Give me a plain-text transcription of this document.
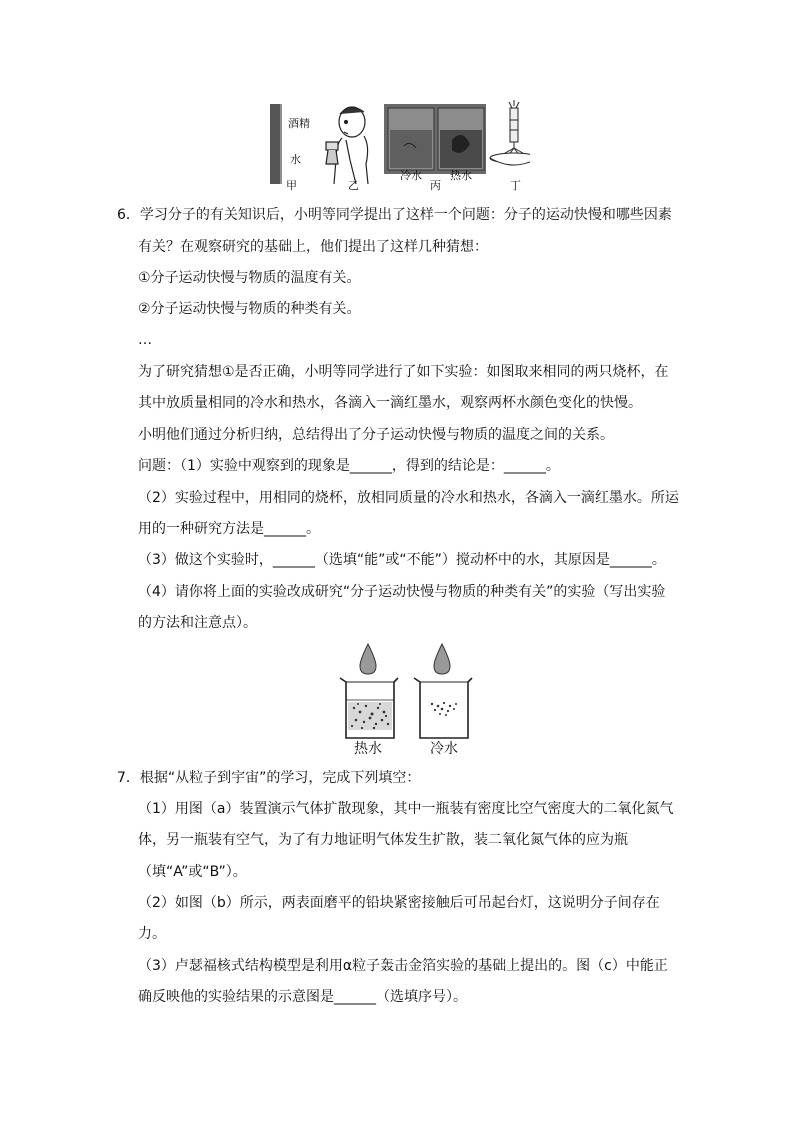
酒精
水
甲	乙
冷水
丙
热水
丁
6．学习分子的有关知识后，小明等同学提出了这样一个问题：分子的运动快慢和哪些因素
有关？在观察研究的基础上，他们提出了这样几种猜想：
①分子运动快慢与物质的温度有关。
②分子运动快慢与物质的种类有关。
…
为了研究猜想①是否正确，小明等同学进行了如下实验：如图取来相同的两只烧杯，在
其中放质量相同的冷水和热水，各滴入一滴红墨水，观察两杯水颜色变化的快慢。
小明他们通过分析归纳，总结得出了分子运动快慢与物质的温度之间的关系。
问题：（1）实验中观察到的现象是______，得到的结论是：______。
（2）实验过程中，用相同的烧杯，放相同质量的冷水和热水，各滴入一滴红墨水。所运
用的一种研究方法是______。
（3）做这个实验时，______（选填“能”或“不能”）搅动杯中的水，其原因是______。
（4）请你将上面的实验改成研究“分子运动快慢与物质的种类有关”的实验（写出实验
的方法和注意点）。
热水	冷水
7．根据“从粒子到宇宙”的学习，完成下列填空：
（1）用图（a）装置演示气体扩散现象，其中一瓶装有密度比空气密度大的二氧化氮气
体，另一瓶装有空气，为了有力地证明气体发生扩散，装二氧化氮气体的应为瓶
（填“A”或“B”）。
（2）如图（b）所示，两表面磨平的铅块紧密接触后可吊起台灯，这说明分子间存在
力。
（3）卢瑟福核式结构模型是利用α粒子轰击金箔实验的基础上提出的。图（c）中能正
确反映他的实验结果的示意图是______（选填序号）。
